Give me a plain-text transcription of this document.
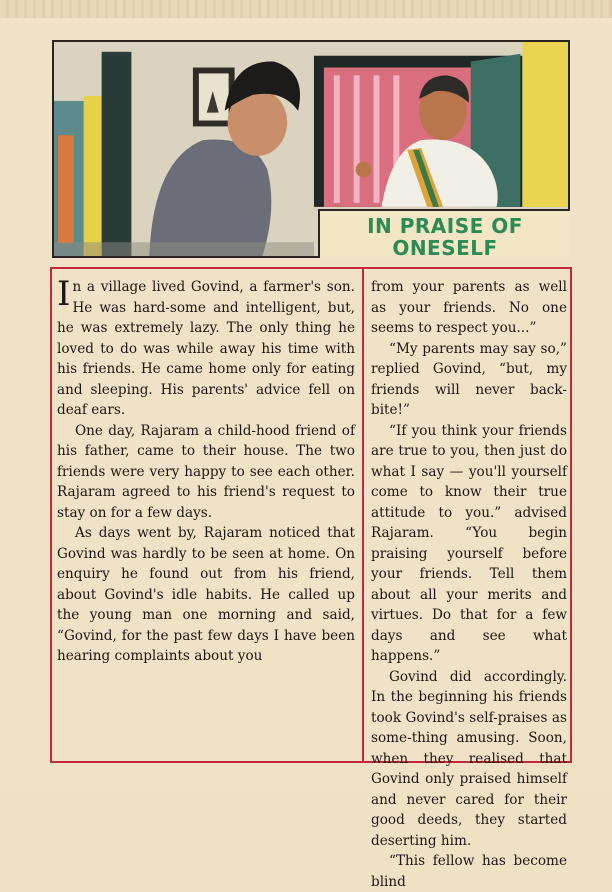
IN PRAISE OF
ONESELF

In a village lived Govind, a farmer's son. He was hard-some and intelligent, but, he was extremely lazy. The only thing he loved to do was while away his time with his friends. He came home only for eating and sleeping. His parents' advice fell on deaf ears.

One day, Rajaram a child-hood friend of his father, came to their house. The two friends were very happy to see each other. Rajaram agreed to his friend's request to stay on for a few days.

As days went by, Rajaram noticed that Govind was hardly to be seen at home. On enquiry he found out from his friend, about Govind's idle habits. He called up the young man one morning and said, “Govind, for the past few days I have been hearing complaints about you

from your parents as well as your friends. No one seems to respect you...”

“My parents may say so,” replied Govind, “but, my friends will never back-bite!”

“If you think your friends are true to you, then just do what I say — you'll yourself come to know their true attitude to you.” advised Rajaram. “You begin praising yourself before your friends. Tell them about all your merits and virtues. Do that for a few days and see what happens.”

Govind did accordingly. In the beginning his friends took Govind's self-praises as some-thing amusing. Soon, when they realised that Govind only praised himself and never cared for their good deeds, they started deserting him.

“This fellow has become blind
